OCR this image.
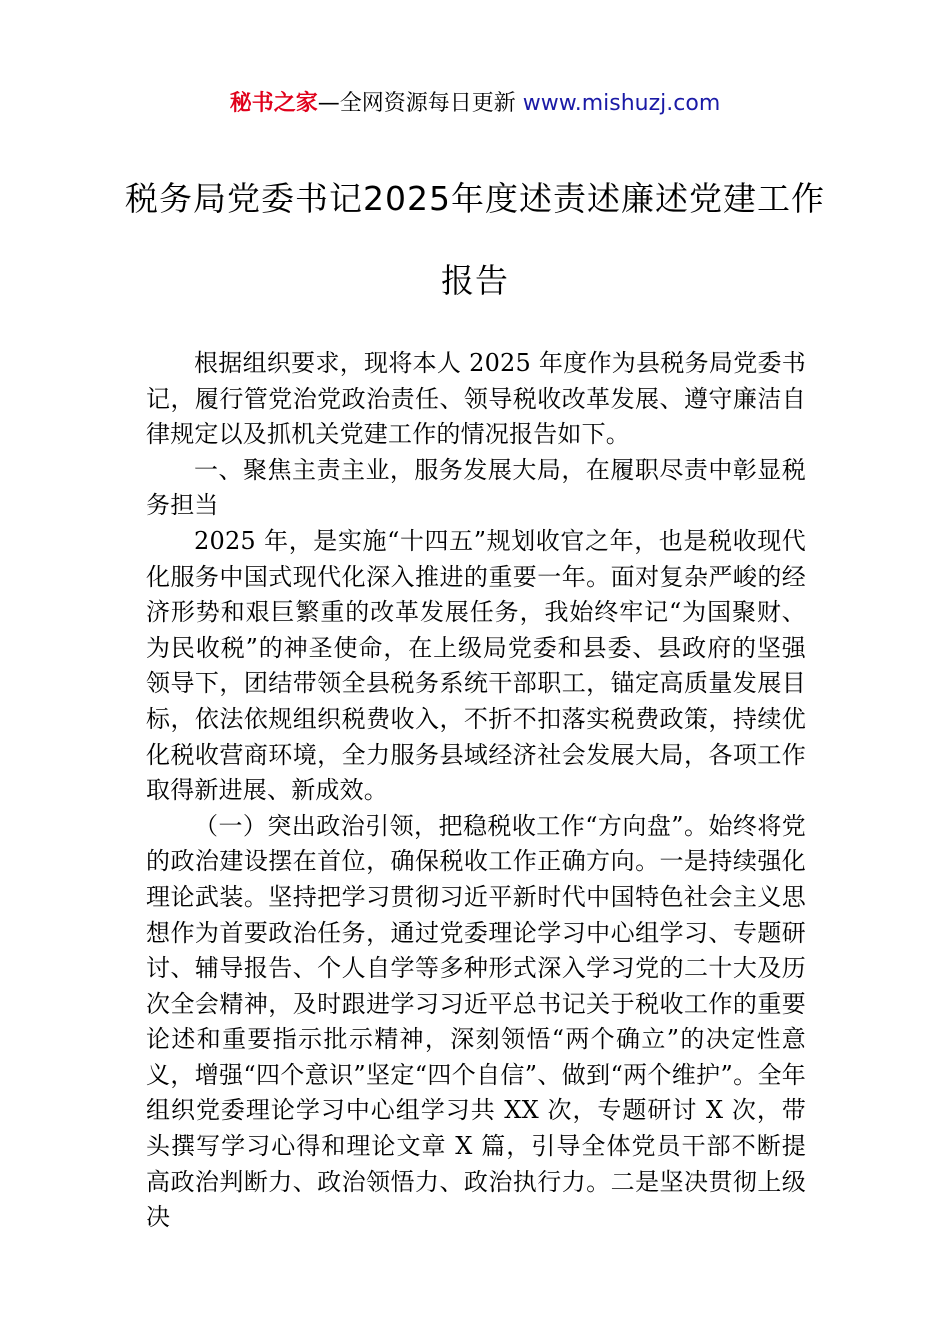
秘书之家—全网资源每日更新 www.mishuzj.com
税务局党委书记2025年度述责述廉述党建工作报告

根据组织要求，现将本人 2025 年度作为县税务局党委书记，履行管党治党政治责任、领导税收改革发展、遵守廉洁自律规定以及抓机关党建工作的情况报告如下。

一、聚焦主责主业，服务发展大局，在履职尽责中彰显税务担当

2025 年，是实施“十四五”规划收官之年，也是税收现代化服务中国式现代化深入推进的重要一年。面对复杂严峻的经济形势和艰巨繁重的改革发展任务，我始终牢记“为国聚财、为民收税”的神圣使命，在上级局党委和县委、县政府的坚强领导下，团结带领全县税务系统干部职工，锚定高质量发展目标，依法依规组织税费收入，不折不扣落实税费政策，持续优化税收营商环境，全力服务县域经济社会发展大局，各项工作取得新进展、新成效。

（一）突出政治引领，把稳税收工作“方向盘”。始终将党的政治建设摆在首位，确保税收工作正确方向。一是持续强化理论武装。坚持把学习贯彻习近平新时代中国特色社会主义思想作为首要政治任务，通过党委理论学习中心组学习、专题研讨、辅导报告、个人自学等多种形式深入学习党的二十大及历次全会精神，及时跟进学习习近平总书记关于税收工作的重要论述和重要指示批示精神，深刻领悟“两个确立”的决定性意义，增强“四个意识”坚定“四个自信”、做到“两个维护”。全年组织党委理论学习中心组学习共 XX 次，专题研讨 X 次，带头撰写学习心得和理论文章 X 篇，引导全体党员干部不断提高政治判断力、政治领悟力、政治执行力。二是坚决贯彻上级决
